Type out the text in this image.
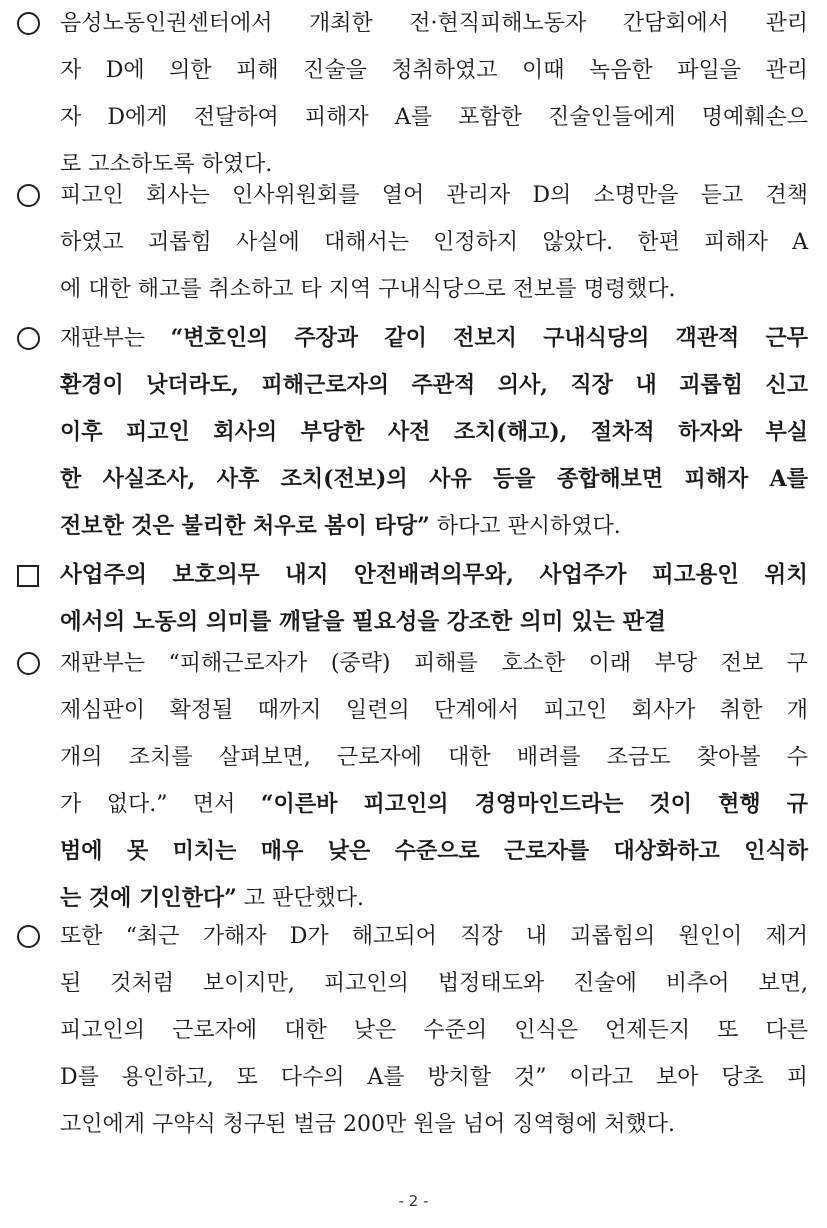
음성노동인권센터에서 개최한 전·현직피해노동자 간담회에서 관리
자 D에 의한 피해 진술을 청취하였고 이때 녹음한 파일을 관리
자 D에게 전달하여 피해자 A를 포함한 진술인들에게 명예훼손으
로 고소하도록 하였다.
피고인 회사는 인사위원회를 열어 관리자 D의 소명만을 듣고 견책
하였고 괴롭힘 사실에 대해서는 인정하지 않았다. 한편 피해자 A
에 대한 해고를 취소하고 타 지역 구내식당으로 전보를 명령했다.
재판부는 “변호인의 주장과 같이 전보지 구내식당의 객관적 근무
환경이 낫더라도, 피해근로자의 주관적 의사, 직장 내 괴롭힘 신고
이후 피고인 회사의 부당한 사전 조치(해고), 절차적 하자와 부실
한 사실조사, 사후 조치(전보)의 사유 등을 종합해보면 피해자 A를
전보한 것은 불리한 처우로 봄이 타당” 하다고 판시하였다.
사업주의 보호의무 내지 안전배려의무와, 사업주가 피고용인 위치
에서의 노동의 의미를 깨달을 필요성을 강조한 의미 있는 판결
재판부는 “피해근로자가 (중략) 피해를 호소한 이래 부당 전보 구
제심판이 확정될 때까지 일련의 단계에서 피고인 회사가 취한 개
개의 조치를 살펴보면, 근로자에 대한 배려를 조금도 찾아볼 수
가 없다.” 면서 “이른바 피고인의 경영마인드라는 것이 현행 규
범에 못 미치는 매우 낮은 수준으로 근로자를 대상화하고 인식하
는 것에 기인한다” 고 판단했다.
또한 “최근 가해자 D가 해고되어 직장 내 괴롭힘의 원인이 제거
된 것처럼 보이지만, 피고인의 법정태도와 진술에 비추어 보면,
피고인의 근로자에 대한 낮은 수준의 인식은 언제든지 또 다른
D를 용인하고, 또 다수의 A를 방치할 것” 이라고 보아 당초 피
고인에게 구약식 청구된 벌금 200만 원을 넘어 징역형에 처했다.
- 2 -
